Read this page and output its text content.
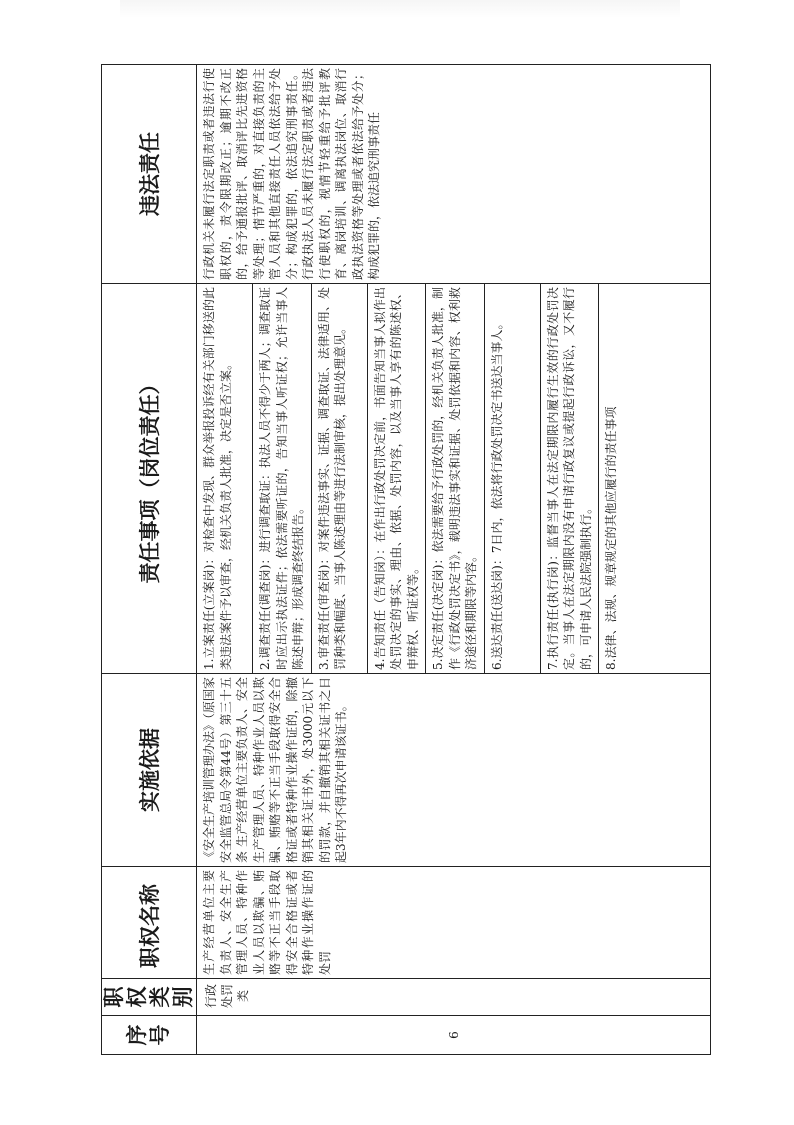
序 号	职 权 类 别	职权名称	实施依据	责任事项（岗位责任）	违法责任
6	行政处罚类	生产经营单位主要负责人、安全生产管理人员、特种作业人员以欺骗、贿赂等不正当手段取得安全合格证或者特种作业操作证的处罚	《安全生产培训管理办法》（原国家安全监管总局令第44号）第三十五条 生产经营单位主要负责人、安全生产管理人员、特种作业人员以欺骗、贿赂等不正当手段取得安全合格证或者特种作业操作证的，除撤销其相关证书外，处3000元以下的罚款，并自撤销其相关证书之日起3年内不得再次申请该证书。	1.立案责任(立案岗)：对检查中发现、群众举报投诉经有关部门移送的此类违法案件予以审查，经机关负责人批准，决定是否立案。	行政机关未履行法定职责或者违法行使职权的，责令限期改正；逾期不改正的，给予通报批评、取消评比先进资格等处理；情节严重的，对直接负责的主管人员和其他直接责任人员依法给予处分；构成犯罪的，依法追究刑事责任。行政执法人员未履行法定职责或者违法行使职权的，视情节轻重给予批评教育、离岗培训、调离执法岗位、取消行政执法资格等处理或者依法给予处分；构成犯罪的，依法追究刑事责任
				2.调查责任(调查岗)：进行调查取证：执法人员不得少于两人；调查取证时应出示执法证件；依法需要听证的，告知当事人听证权；允许当事人陈述申辩；形成调查终结报告。	
				3.审查责任(审查岗)：对案件违法事实、证据、调查取证、法律适用、处罚种类和幅度、当事人陈述理由等进行法制审核，提出处理意见。	
				4.告知责任（告知岗）：在作出行政处罚决定前，书面告知当事人拟作出处罚决定的事实、理由、依据、处罚内容，以及当事人享有的陈述权、申辩权、听证权等。	
				5.决定责任(决定岗)：依法需要给予行政处罚的，经机关负责人批准，制作《行政处罚决定书》，载明违法事实和证据、处罚依据和内容、权利救济途径和期限等内容。	
				6.送达责任(送达岗)：7日内，依法将行政处罚决定书送达当事人。	
				7.执行责任(执行岗)：监督当事人在法定期限内履行生效的行政处罚决定。当事人在法定期限内没有申请行政复议或提起行政诉讼，又不履行的，可申请人民法院强制执行。	
				8.法律、法规、规章规定的其他应履行的责任事项	
